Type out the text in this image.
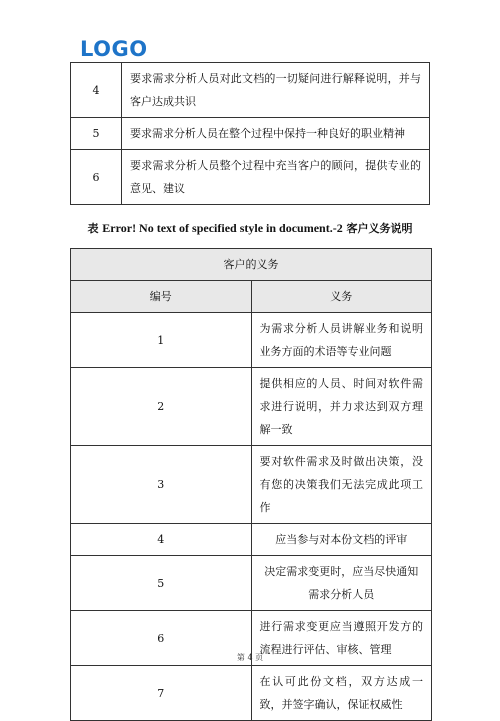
LOGO
4	要求需求分析人员对此文档的一切疑问进行解释说明，并与客户达成共识
5	要求需求分析人员在整个过程中保持一种良好的职业精神
6	要求需求分析人员整个过程中充当客户的顾问，提供专业的意见、建议
表 Error! No text of specified style in document.-2 客户义务说明
客户的义务	
编号	义务
1	为需求分析人员讲解业务和说明业务方面的术语等专业问题
2	提供相应的人员、时间对软件需求进行说明，并力求达到双方理解一致
3	要对软件需求及时做出决策，没有您的决策我们无法完成此项工作
4	应当参与对本份文档的评审
5	决定需求变更时，应当尽快通知需求分析人员
6	进行需求变更应当遵照开发方的流程进行评估、审核、管理
7	在认可此份文档，双方达成一致，并签字确认，保证权威性
第 4 页
